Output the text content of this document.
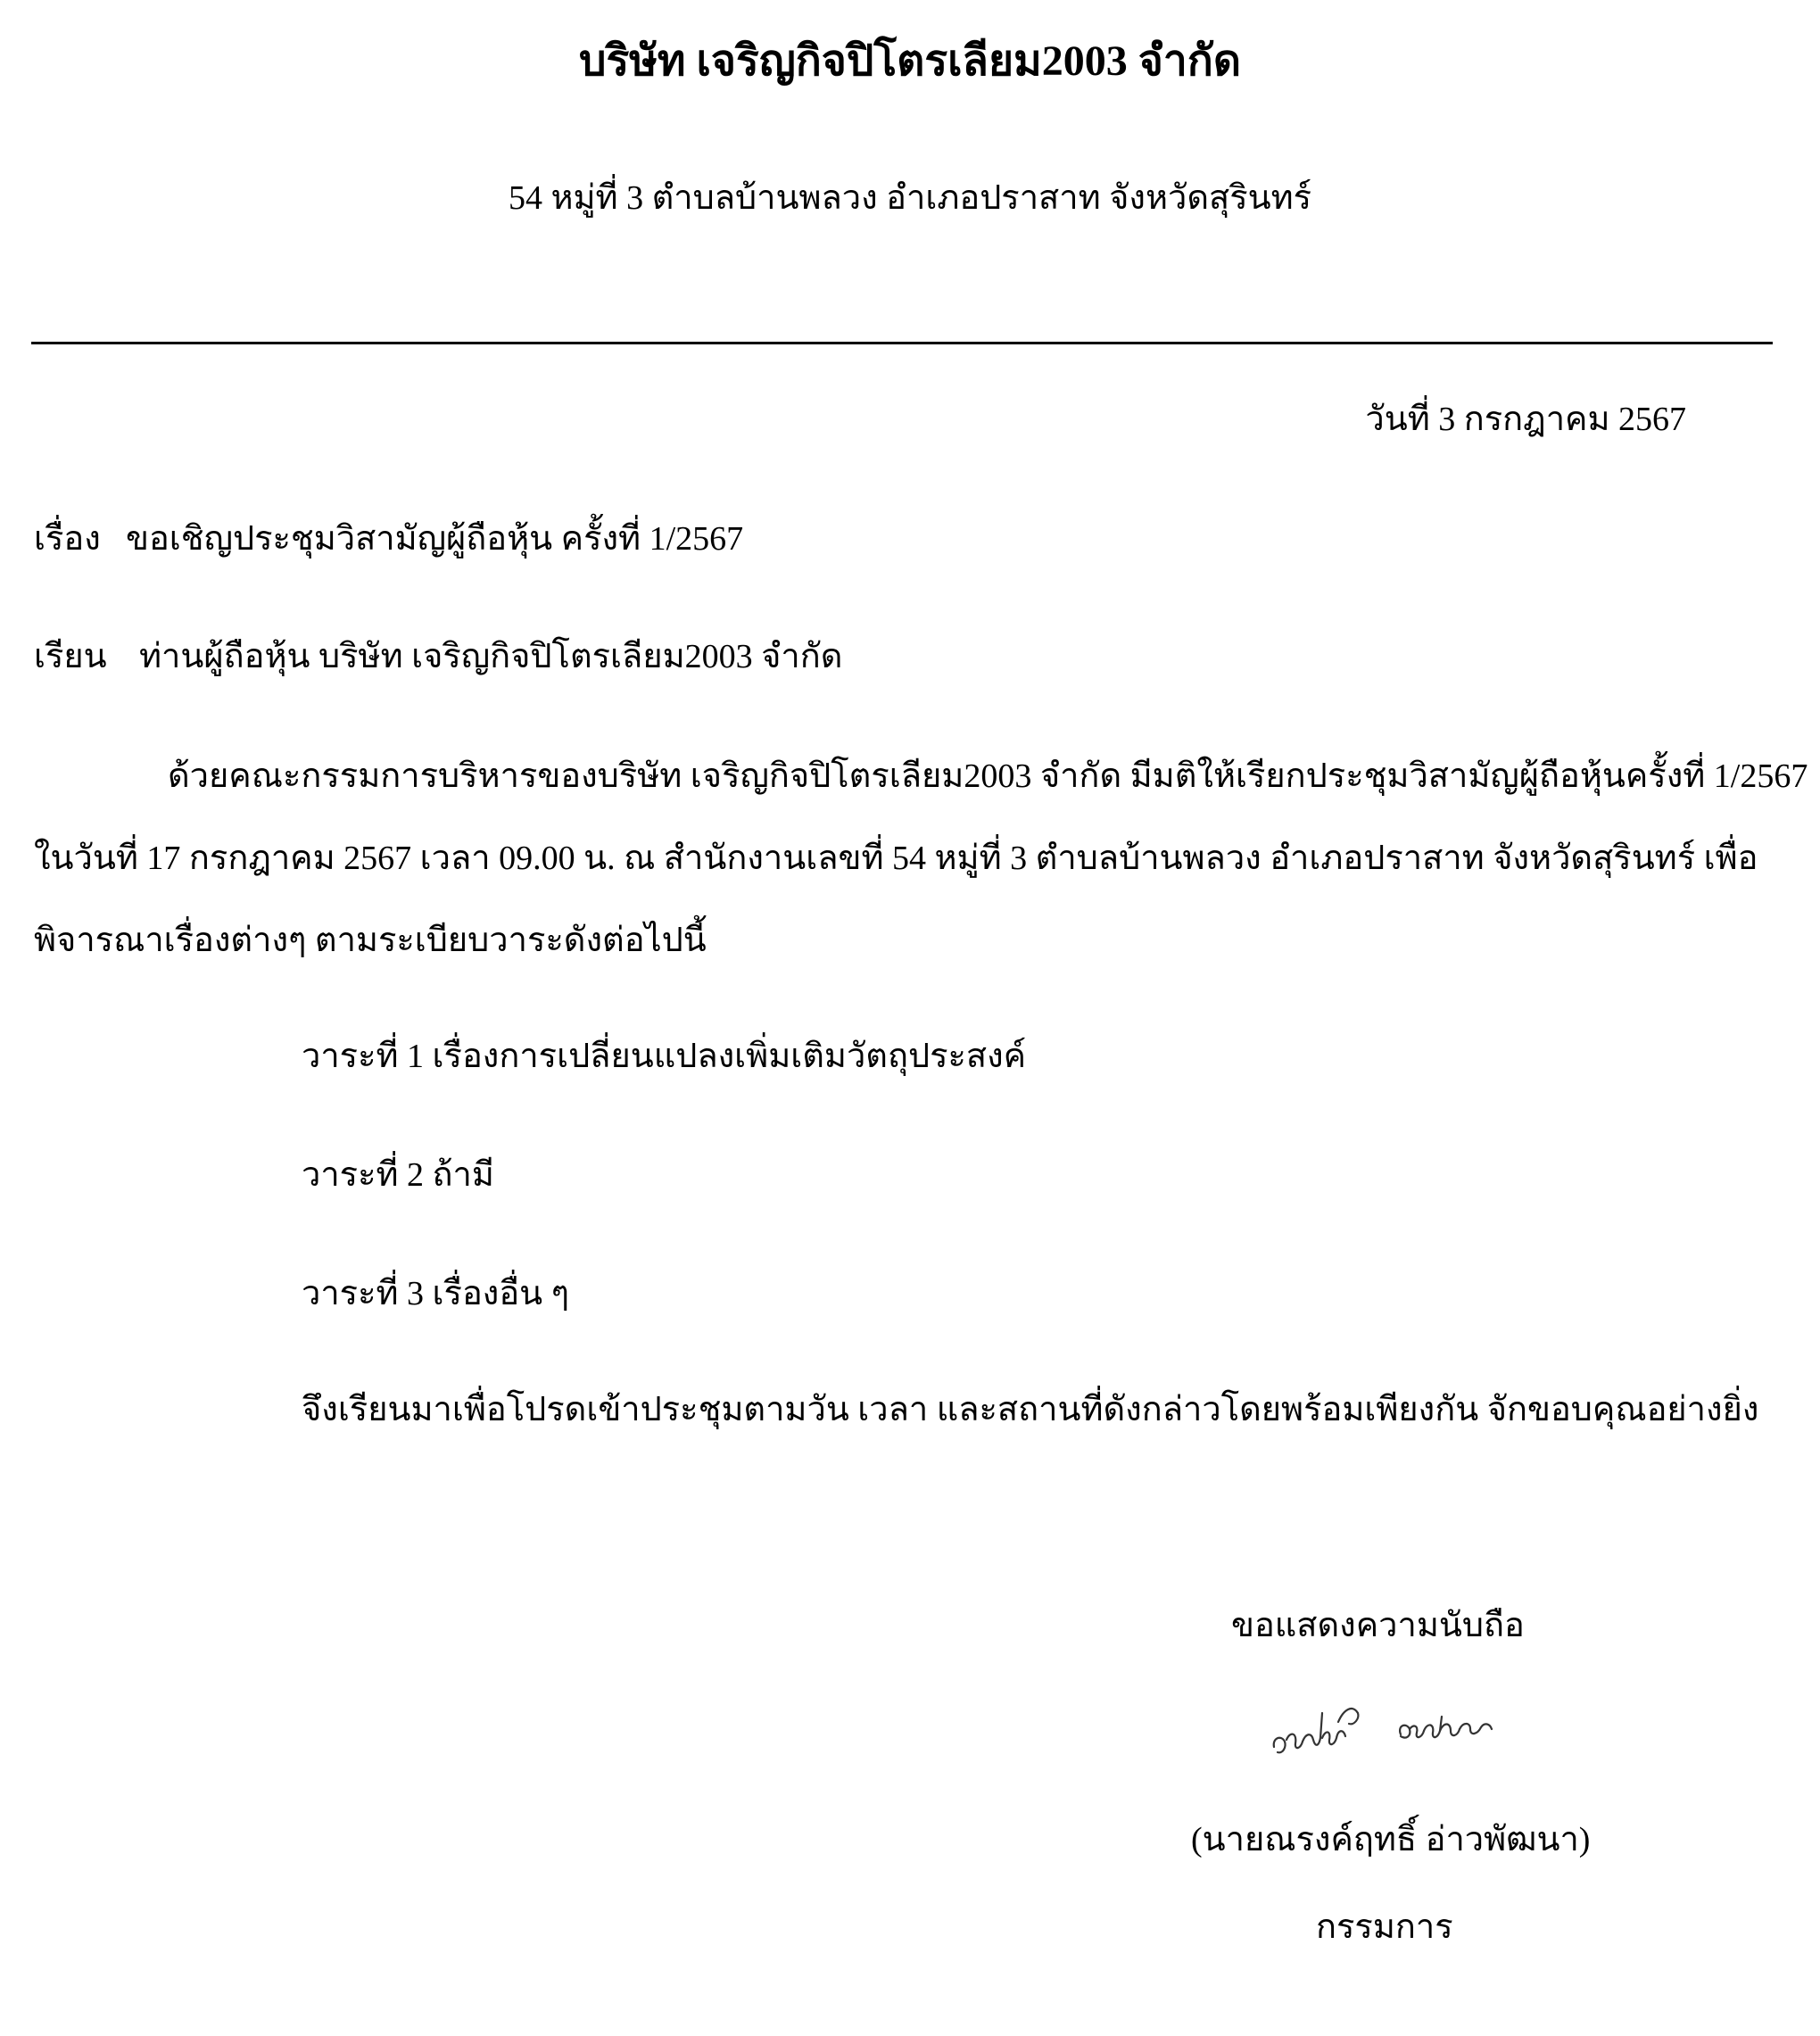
บริษัท เจริญกิจปิโตรเลียม2003 จำกัด
54 หมู่ที่ 3 ตำบลบ้านพลวง อำเภอปราสาท จังหวัดสุรินทร์
วันที่ 3 กรกฎาคม 2567
เรื่อง ขอเชิญประชุมวิสามัญผู้ถือหุ้น ครั้งที่ 1/2567
เรียน ท่านผู้ถือหุ้น บริษัท เจริญกิจปิโตรเลียม2003 จำกัด
ด้วยคณะกรรมการบริหารของบริษัท เจริญกิจปิโตรเลียม2003 จำกัด มีมติให้เรียกประชุมวิสามัญผู้ถือหุ้นครั้งที่ 1/2567
ในวันที่ 17 กรกฎาคม 2567 เวลา 09.00 น. ณ สำนักงานเลขที่ 54 หมู่ที่ 3 ตำบลบ้านพลวง อำเภอปราสาท จังหวัดสุรินทร์ เพื่อ
พิจารณาเรื่องต่างๆ ตามระเบียบวาระดังต่อไปนี้
วาระที่ 1 เรื่องการเปลี่ยนแปลงเพิ่มเติมวัตถุประสงค์
วาระที่ 2 ถ้ามี
วาระที่ 3 เรื่องอื่น ๆ
จึงเรียนมาเพื่อโปรดเข้าประชุมตามวัน เวลา และสถานที่ดังกล่าวโดยพร้อมเพียงกัน จักขอบคุณอย่างยิ่ง
ขอแสดงความนับถือ
(นายณรงค์ฤทธิ์ อ่าวพัฒนา)
กรรมการ
